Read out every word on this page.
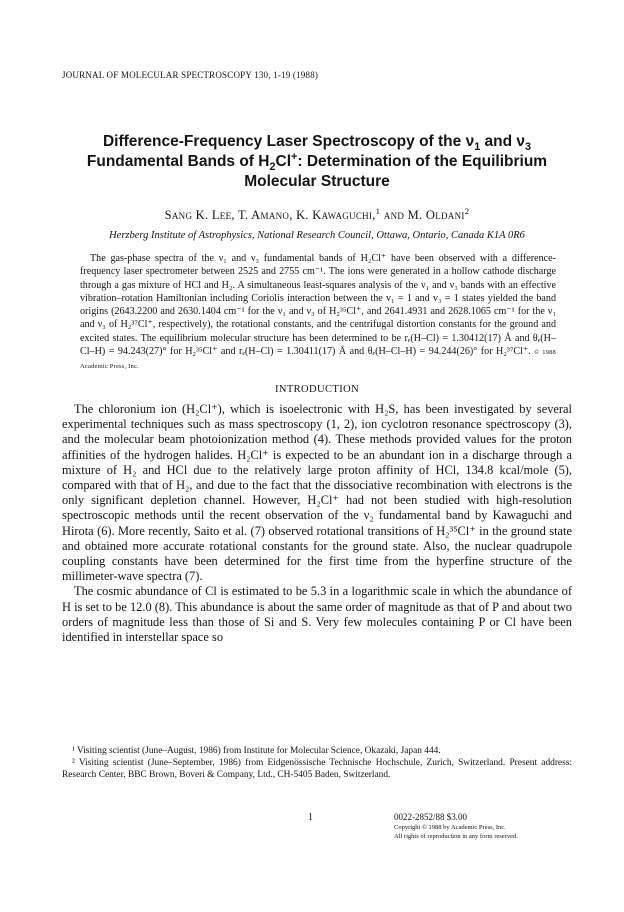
JOURNAL OF MOLECULAR SPECTROSCOPY 130, 1-19 (1988)
Difference-Frequency Laser Spectroscopy of the $\nu_1$ and $\nu_3$ Fundamental Bands of $H_2Cl^+$: Determination of the Equilibrium Molecular Structure
Sang K. Lee, T. Amano, K. Kawaguchi,$^1$ and M. Oldani$^2$
Herzberg Institute of Astrophysics, National Research Council, Ottawa, Ontario, Canada K1A 0R6

The gas-phase spectra of the ν₁ and ν₃ fundamental bands of H₂Cl⁺ have been observed with a difference-frequency laser spectrometer between 2525 and 2755 cm⁻¹. The ions were generated in a hollow cathode discharge through a gas mixture of HCl and H₂. A simultaneous least-squares analysis of the ν₁ and ν₃ bands with an effective vibration–rotation Hamiltonian including Coriolis interaction between the v₁ = 1 and v₃ = 1 states yielded the band origins (2643.2200 and 2630.1404 cm⁻¹ for the ν₁ and ν₃ of H₂³⁵Cl⁺, and 2641.4931 and 2628.1065 cm⁻¹ for the ν₁ and ν₃ of H₂³⁷Cl⁺, respectively), the rotational constants, and the centrifugal distortion constants for the ground and excited states. The equilibrium molecular structure has been determined to be rₑ(H–Cl) = 1.30412(17) Å and θₑ(H–Cl–H) = 94.243(27)° for H₂³⁵Cl⁺ and rₑ(H–Cl) = 1.30411(17) Å and θₑ(H–Cl–H) = 94.244(26)° for H₂³⁷Cl⁺. © 1988 Academic Press, Inc.

INTRODUCTION

The chloronium ion (H₂Cl⁺), which is isoelectronic with H₂S, has been investigated by several experimental techniques such as mass spectroscopy (1, 2), ion cyclotron resonance spectroscopy (3), and the molecular beam photoionization method (4). These methods provided values for the proton affinities of the hydrogen halides. H₂Cl⁺ is expected to be an abundant ion in a discharge through a mixture of H₂ and HCl due to the relatively large proton affinity of HCl, 134.8 kcal/mole (5), compared with that of H₂, and due to the fact that the dissociative recombination with electrons is the only significant depletion channel. However, H₂Cl⁺ had not been studied with high-resolution spectroscopic methods until the recent observation of the ν₂ fundamental band by Kawaguchi and Hirota (6). More recently, Saito et al. (7) observed rotational transitions of H₂³⁵Cl⁺ in the ground state and obtained more accurate rotational constants for the ground state. Also, the nuclear quadrupole coupling constants have been determined for the first time from the hyperfine structure of the millimeter-wave spectra (7).

The cosmic abundance of Cl is estimated to be 5.3 in a logarithmic scale in which the abundance of H is set to be 12.0 (8). This abundance is about the same order of magnitude as that of P and about two orders of magnitude less than those of Si and S. Very few molecules containing P or Cl have been identified in interstellar space so

¹ Visiting scientist (June–August, 1986) from Institute for Molecular Science, Okazaki, Japan 444.

² Visiting scientist (June–September, 1986) from Eidgenössische Technische Hochschule, Zurich, Switzerland. Present address: Research Center, BBC Brown, Boveri & Company, Ltd., CH-5405 Baden, Switzerland.

1	0022-2852/88 $3.00
Copyright © 1988 by Academic Press, Inc.
All rights of reproduction in any form reserved.
